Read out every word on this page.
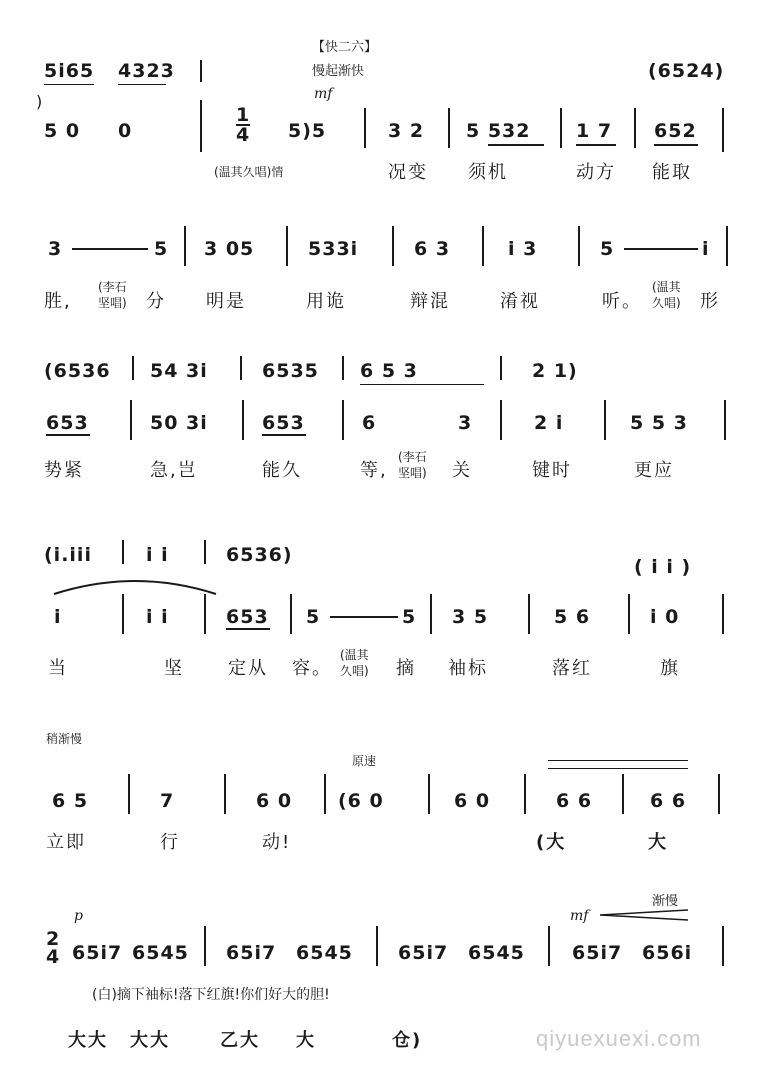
【快二六】
慢起渐快
mf
5i65 4323	(6524)
)
5 0 0
1
4 5)5	3 2 5 532 1 7 652
(温其久唱)情	况变 须机	动方 能取
3	5 3 05	533i	6 3	i 3	5	i
胜,
(李石
坚唱) 分 明是	用诡	辩混	淆视	听。
(温其
久唱) 形
(6536 54 3i	6535 6 5 3	2 1)
653	50 3i	653	6	3	2 i	5 5 3
势紧	急,岂	能久	等,
(李石
坚唱) 关	键时	更应
(i.iii	i i	6536)
( i i )
i	i i	653 5	5 3 5	5 6	i 0
当	坚 定从 容。
(温其
久唱) 摘 袖标	落红	旗
稍渐慢
原速
6 5	7	6 0 (6 0	6 0	6 6	6 6
立即	行	动!	(大	大
p
渐慢
mf
2
4 65i7 6545 65i7 6545 65i7 6545 65i7 656i
(白)摘下袖标!落下红旗!你们好大的胆!
大大 大大	乙大 大	仓)	qiyuexuexi.com
